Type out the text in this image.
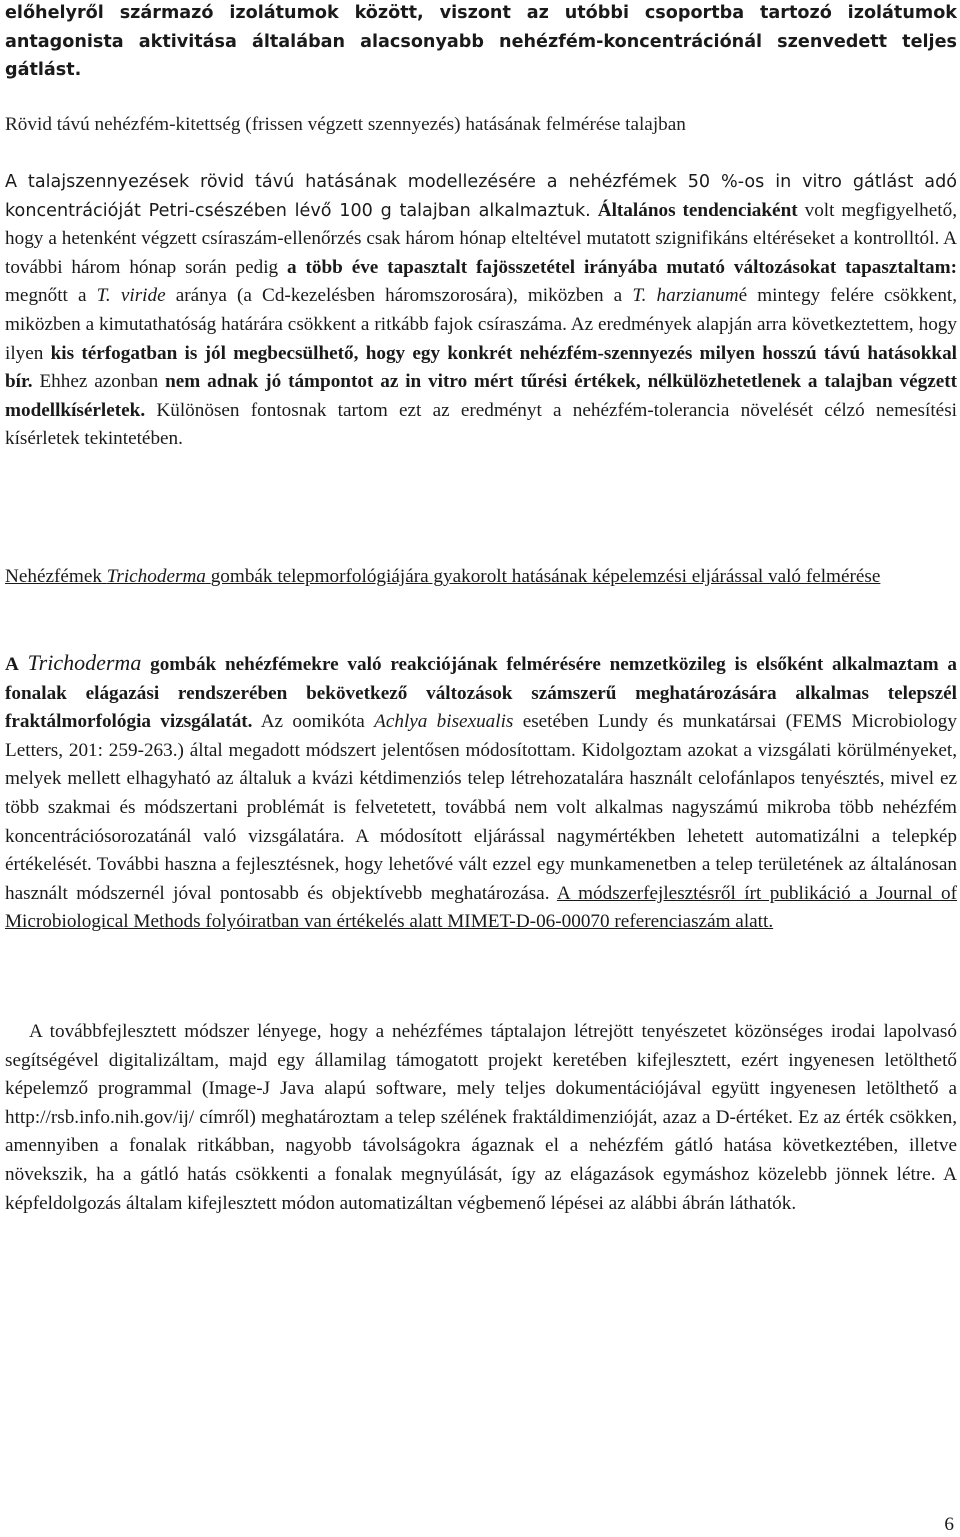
előhelyről származó izolátumok között, viszont az utóbbi csoportba tartozó izolátumok antagonista aktivitása általában alacsonyabb nehézfém-koncentrációnál szenvedett teljes gátlást.

Rövid távú nehézfém-kitettség (frissen végzett szennyezés) hatásának felmérése talajban

A talajszennyezések rövid távú hatásának modellezésére a nehézfémek 50 %-os in vitro gátlást adó koncentrációját Petri-csészében lévő 100 g talajban alkalmaztuk. Általános tendenciaként volt megfigyelhető, hogy a hetenként végzett csíraszám-ellenőrzés csak három hónap elteltével mutatott szignifikáns eltéréseket a kontrolltól. A további három hónap során pedig a több éve tapasztalt fajösszetétel irányába mutató változásokat tapasztaltam: megnőtt a T. viride aránya (a Cd-kezelésben háromszorosára), miközben a T. harzianumé mintegy felére csökkent, miközben a kimutathatóság határára csökkent a ritkább fajok csíraszáma. Az eredmények alapján arra következtettem, hogy ilyen kis térfogatban is jól megbecsülhető, hogy egy konkrét nehézfém-szennyezés milyen hosszú távú hatásokkal bír. Ehhez azonban nem adnak jó támpontot az in vitro mért tűrési értékek, nélkülözhetetlenek a talajban végzett modellkísérletek. Különösen fontosnak tartom ezt az eredményt a nehézfém-tolerancia növelését célzó nemesítési kísérletek tekintetében.

Nehézfémek Trichoderma gombák telepmorfológiájára gyakorolt hatásának képelemzési eljárással való felmérése

A Trichoderma gombák nehézfémekre való reakciójának felmérésére nemzetközileg is elsőként alkalmaztam a fonalak elágazási rendszerében bekövetkező változások számszerű meghatározására alkalmas telepszél fraktálmorfológia vizsgálatát. Az oomikóta Achlya bisexualis esetében Lundy és munkatársai (FEMS Microbiology Letters, 201: 259-263.) által megadott módszert jelentősen módosítottam. Kidolgoztam azokat a vizsgálati körülményeket, melyek mellett elhagyható az általuk a kvázi kétdimenziós telep létrehozatalára használt celofánlapos tenyésztés, mivel ez több szakmai és módszertani problémát is felvetetett, továbbá nem volt alkalmas nagyszámú mikroba több nehézfém koncentrációsorozatánál való vizsgálatára. A módosított eljárással nagymértékben lehetett automatizálni a telepkép értékelését. További haszna a fejlesztésnek, hogy lehetővé vált ezzel egy munkamenetben a telep területének az általánosan használt módszernél jóval pontosabb és objektívebb meghatározása. A módszerfejlesztésről írt publikáció a Journal of Microbiological Methods folyóiratban van értékelés alatt MIMET-D-06-00070 referenciaszám alatt.

A továbbfejlesztett módszer lényege, hogy a nehézfémes táptalajon létrejött tenyészetet közönséges irodai lapolvasó segítségével digitalizáltam, majd egy államilag támogatott projekt keretében kifejlesztett, ezért ingyenesen letölthető képelemző programmal (Image-J Java alapú software, mely teljes dokumentációjával együtt ingyenesen letölthető a http://rsb.info.nih.gov/ij/ címről) meghatároztam a telep szélének fraktáldimenzióját, azaz a D-értéket. Ez az érték csökken, amennyiben a fonalak ritkábban, nagyobb távolságokra ágaznak el a nehézfém gátló hatása következtében, illetve növekszik, ha a gátló hatás csökkenti a fonalak megnyúlását, így az elágazások egymáshoz közelebb jönnek létre. A képfeldolgozás általam kifejlesztett módon automatizáltan végbemenő lépései az alábbi ábrán láthatók.

6
